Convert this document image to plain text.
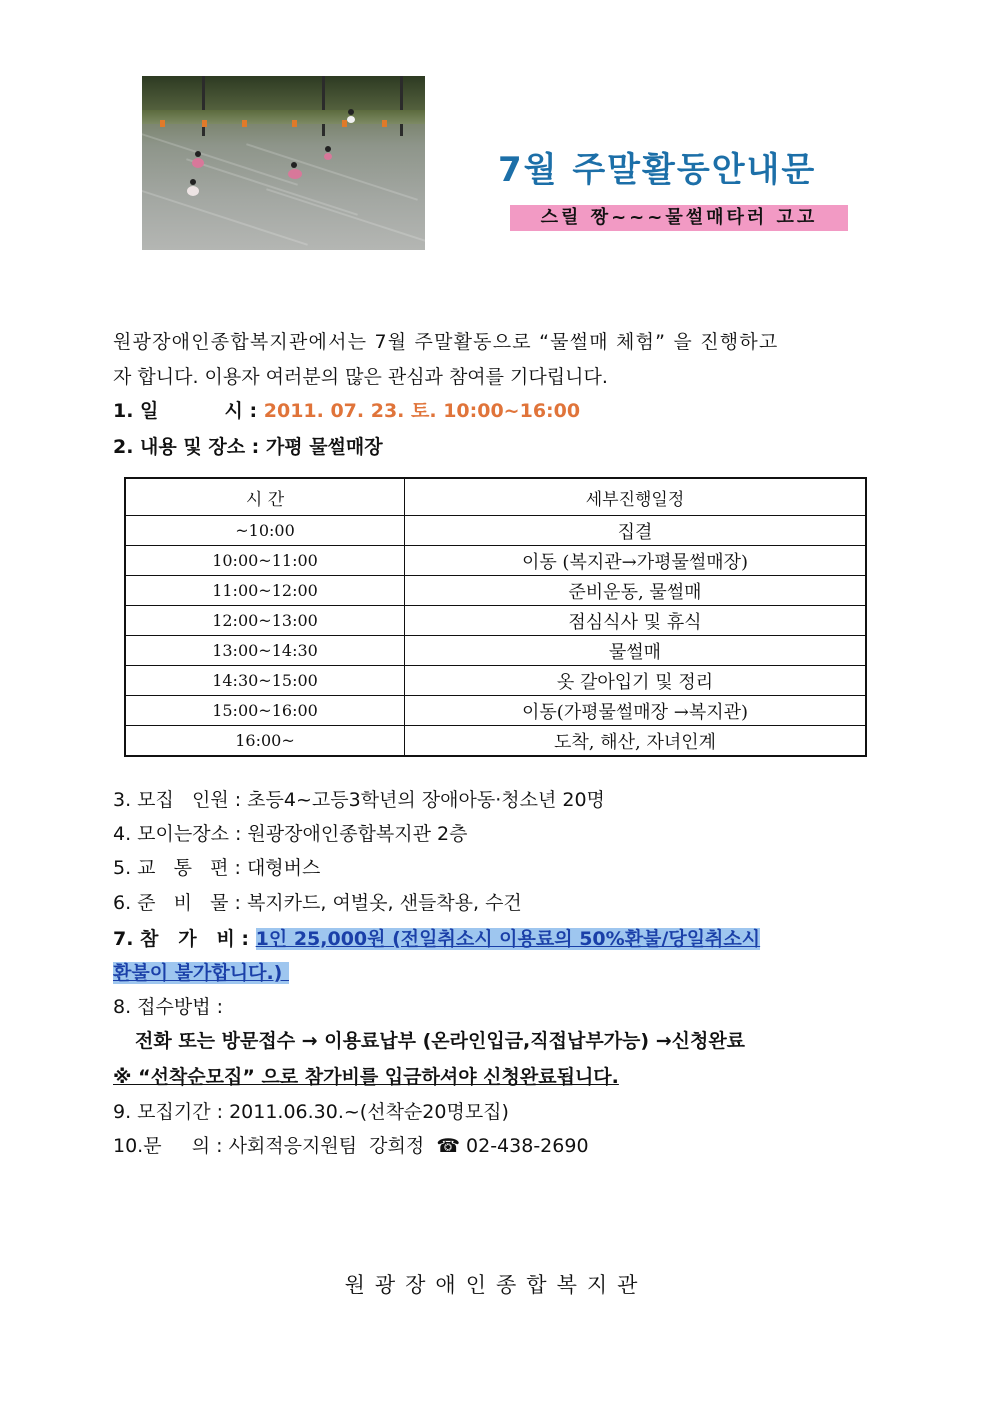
7월 주말활동안내문
스릴 짱~~~물썰매타러 고고
원광장애인종합복지관에서는 7월 주말활동으로 “물썰매 체험” 을 진행하고
자 합니다. 이용자 여러분의 많은 관심과 참여를 기다립니다.
1. 일          시 : 2011. 07. 23. 토. 10:00~16:00
2. 내용 및 장소 : 가평 물썰매장
시 간	세부진행일정
~10:00	집결
10:00~11:00	이동 (복지관→가평물썰매장)
11:00~12:00	준비운동, 물썰매
12:00~13:00	점심식사 및 휴식
13:00~14:30	물썰매
14:30~15:00	옷 갈아입기 및 정리
15:00~16:00	이동(가평물썰매장 →복지관)
16:00~	도착, 해산, 자녀인계
3. 모집   인원 : 초등4~고등3학년의 장애아동·청소년 20명
4. 모이는장소 : 원광장애인종합복지관 2층
5. 교   통   편 : 대형버스
6. 준   비   물 : 복지카드, 여벌옷, 샌들착용, 수건
7. 참   가   비 : 1인 25,000원 (전일취소시 이용료의 50%환불/당일취소시
환불이 불가합니다.)
8. 접수방법 :
전화 또는 방문접수 → 이용료납부 (온라인입금,직접납부가능) →신청완료
※ “선착순모집” 으로 참가비를 입금하셔야 신청완료됩니다.
9. 모집기간 : 2011.06.30.~(선착순20명모집)
10.문     의 : 사회적응지원팀  강희정  ☎ 02-438-2690
원광장애인종합복지관
